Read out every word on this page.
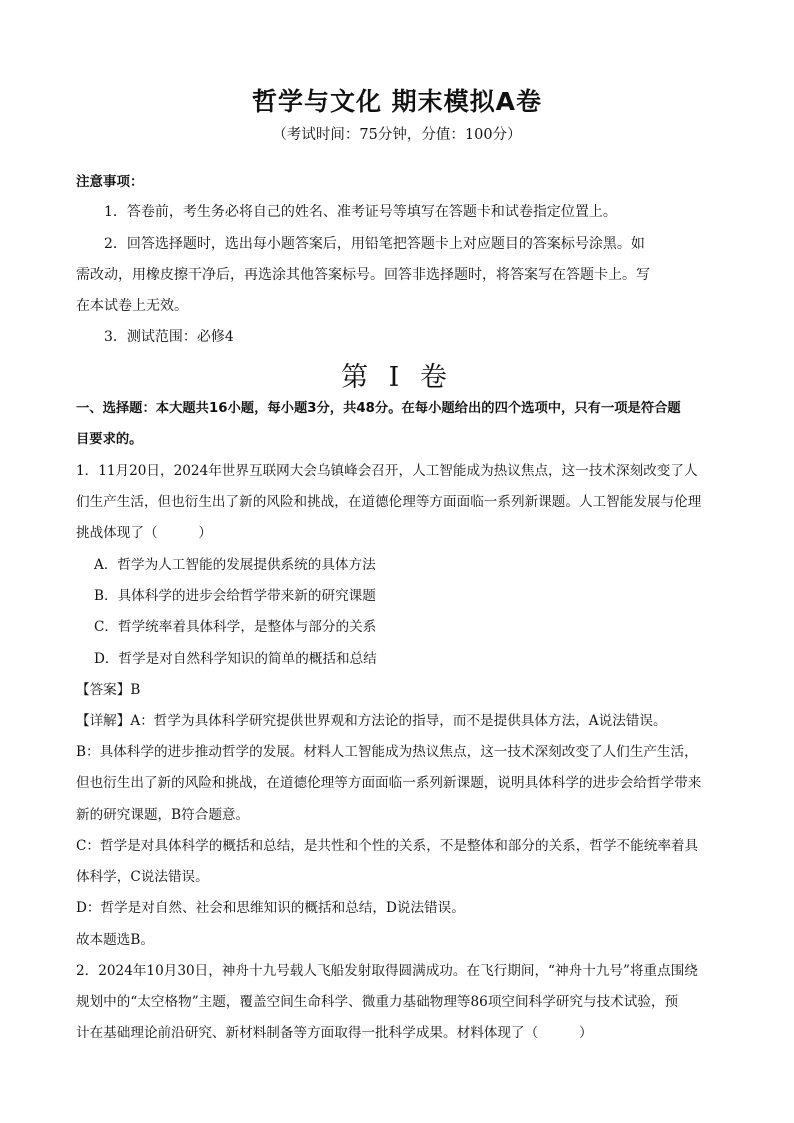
哲学与文化 期末模拟A卷
（考试时间：75分钟，分值：100分）
注意事项：
1．答卷前，考生务必将自己的姓名、准考证号等填写在答题卡和试卷指定位置上。
2．回答选择题时，选出每小题答案后，用铅笔把答题卡上对应题目的答案标号涂黑。如
需改动，用橡皮擦干净后，再选涂其他答案标号。回答非选择题时，将答案写在答题卡上。写
在本试卷上无效。
3．测试范围：必修4
第 I 卷
一、选择题：本大题共16小题，每小题3分，共48分。在每小题给出的四个选项中，只有一项是符合题
目要求的。
1．11月20日，2024年世界互联网大会乌镇峰会召开，人工智能成为热议焦点，这一技术深刻改变了人
们生产生活，但也衍生出了新的风险和挑战，在道德伦理等方面面临一系列新课题。人工智能发展与伦理
挑战体现了（　　　）
A．哲学为人工智能的发展提供系统的具体方法
B．具体科学的进步会给哲学带来新的研究课题
C．哲学统率着具体科学，是整体与部分的关系
D．哲学是对自然科学知识的简单的概括和总结
【答案】B
【详解】A：哲学为具体科学研究提供世界观和方法论的指导，而不是提供具体方法，A说法错误。
B：具体科学的进步推动哲学的发展。材料人工智能成为热议焦点，这一技术深刻改变了人们生产生活，
但也衍生出了新的风险和挑战，在道德伦理等方面面临一系列新课题，说明具体科学的进步会给哲学带来
新的研究课题，B符合题意。
C：哲学是对具体科学的概括和总结，是共性和个性的关系，不是整体和部分的关系，哲学不能统率着具
体科学，C说法错误。
D：哲学是对自然、社会和思维知识的概括和总结，D说法错误。
故本题选B。
2．2024年10月30日，神舟十九号载人飞船发射取得圆满成功。在飞行期间，“神舟十九号”将重点围绕
规划中的“太空格物”主题，覆盖空间生命科学、微重力基础物理等86项空间科学研究与技术试验，预
计在基础理论前沿研究、新材料制备等方面取得一批科学成果。材料体现了（　　　）
